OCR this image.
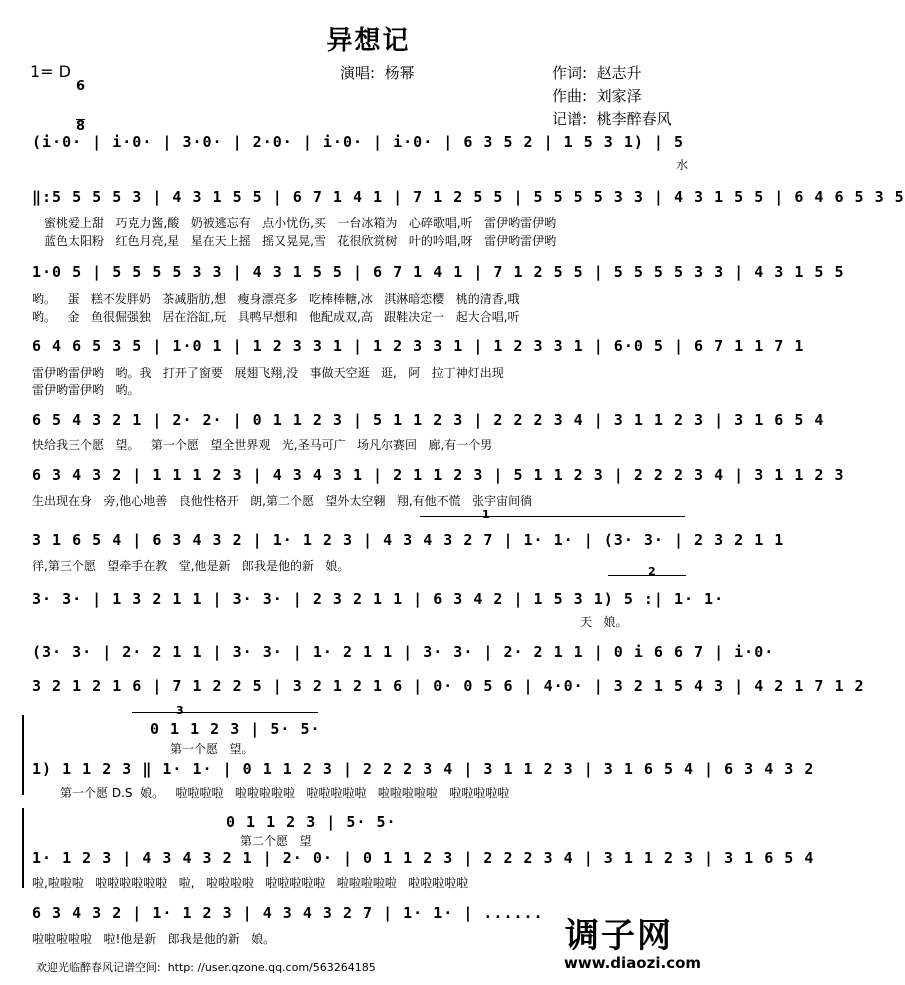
异想记
1= D

$\frac{6}{8}$	演唱:  杨幂	作词:  赵志升
作曲:  刘家泽
记谱:  桃李醉春风
(i·0· | i·0· | 3·0· | 2·0· | i·0· | i·0· | 6 3 5 2 | 1 5 3 1) | 5
水
‖:5 5 5 5 3 | 4 3 1 5 5 | 6 7 1 4 1 | 7 1 2 5 5 | 5 5 5 5 3 3 | 4 3 1 5 5 | 6 4 6 5 3 5
蜜桃爱上甜   巧克力酱,酸   奶被逃忘有   点小忧伤,买   一台冰箱为   心碎歌唱,听   雷伊哟雷伊哟
蓝色太阳粉   红色月亮,星   星在天上摇   摇又晃晃,雪   花很欣赏树   叶的吟唱,呀   雷伊哟雷伊哟
1·0 5 | 5 5 5 5 3 3 | 4 3 1 5 5 | 6 7 1 4 1 | 7 1 2 5 5 | 5 5 5 5 3 3 | 4 3 1 5 5
哟。   蛋   糕不发胖奶   茶减脂肪,想   瘦身漂亮多   吃棒棒糖,冰   淇淋暗恋樱   桃的清香,哦
哟。   金   鱼很倔强独   居在浴缸,玩   具鸭早想和   他配成双,高   跟鞋决定一   起大合唱,听
6 4 6 5 3 5 | 1·0 1 | 1 2 3 3 1 | 1 2 3 3 1 | 1 2 3 3 1 | 6·0 5 | 6 7 1 1 7 1
雷伊哟雷伊哟   哟。我   打开了窗要   展翅飞翔,没   事做天空逛   逛,   阿   拉丁神灯出现
雷伊哟雷伊哟   哟。
6 5 4 3 2 1 | 2· 2· | 0 1 1 2 3 | 5 1 1 2 3 | 2 2 2 3 4 | 3 1 1 2 3 | 3 1 6 5 4
快给我三个愿   望。   第一个愿   望全世界观   光,圣马可广   场凡尔赛回   廊,有一个男
6 3 4 3 2 | 1 1 1 2 3 | 4 3 4 3 1 | 2 1 1 2 3 | 5 1 1 2 3 | 2 2 2 3 4 | 3 1 1 2 3
生出现在身   旁,他心地善   良他性格开   朗,第二个愿   望外太空翱   翔,有他不慌   张宇宙间徜
1
3 1 6 5 4 | 6 3 4 3 2 | 1· 1 2 3 | 4 3 4 3 2 7 | 1· 1· | (3· 3· | 2 3 2 1 1
徉,第三个愿   望牵手在教   堂,他是新   郎我是他的新   娘。	2
3· 3· | 1 3 2 1 1 | 3· 3· | 2 3 2 1 1 | 6 3 4 2 | 1 5 3 1) 5 :| 1· 1·
天   娘。
(3· 3· | 2· 2 1 1 | 3· 3· | 1· 2 1 1 | 3· 3· | 2· 2 1 1 | 0 i 6 6 7 | i·0·
3 2 1 2 1 6 | 7 1 2 2 5 | 3 2 1 2 1 6 | 0· 0 5 6 | 4·0· | 3 2 1 5 4 3 | 4 2 1 7 1 2
3
0 1 1 2 3 | 5· 5·
第一个愿   望。
1) 1 1 2 3 ‖ 1· 1· | 0 1 1 2 3 | 2 2 2 3 4 | 3 1 1 2 3 | 3 1 6 5 4 | 6 3 4 3 2
第一个愿 D.S  娘。   啦啦啦啦   啦啦啦啦啦   啦啦啦啦啦   啦啦啦啦啦   啦啦啦啦啦
0 1 1 2 3 | 5· 5·
第二个愿   望
1· 1 2 3 | 4 3 4 3 2 1 | 2· 0· | 0 1 1 2 3 | 2 2 2 3 4 | 3 1 1 2 3 | 3 1 6 5 4
啦,啦啦啦   啦啦啦啦啦啦   啦,   啦啦啦啦   啦啦啦啦啦   啦啦啦啦啦   啦啦啦啦啦
6 3 4 3 2 | 1· 1 2 3 | 4 3 4 3 2 7 | 1· 1· | ......
啦啦啦啦啦   啦!他是新   郎我是他的新   娘。	调子网
www.diaozi.com
欢迎光临醉春风记谱空间:  http: //user.qzone.qq.com/563264185
